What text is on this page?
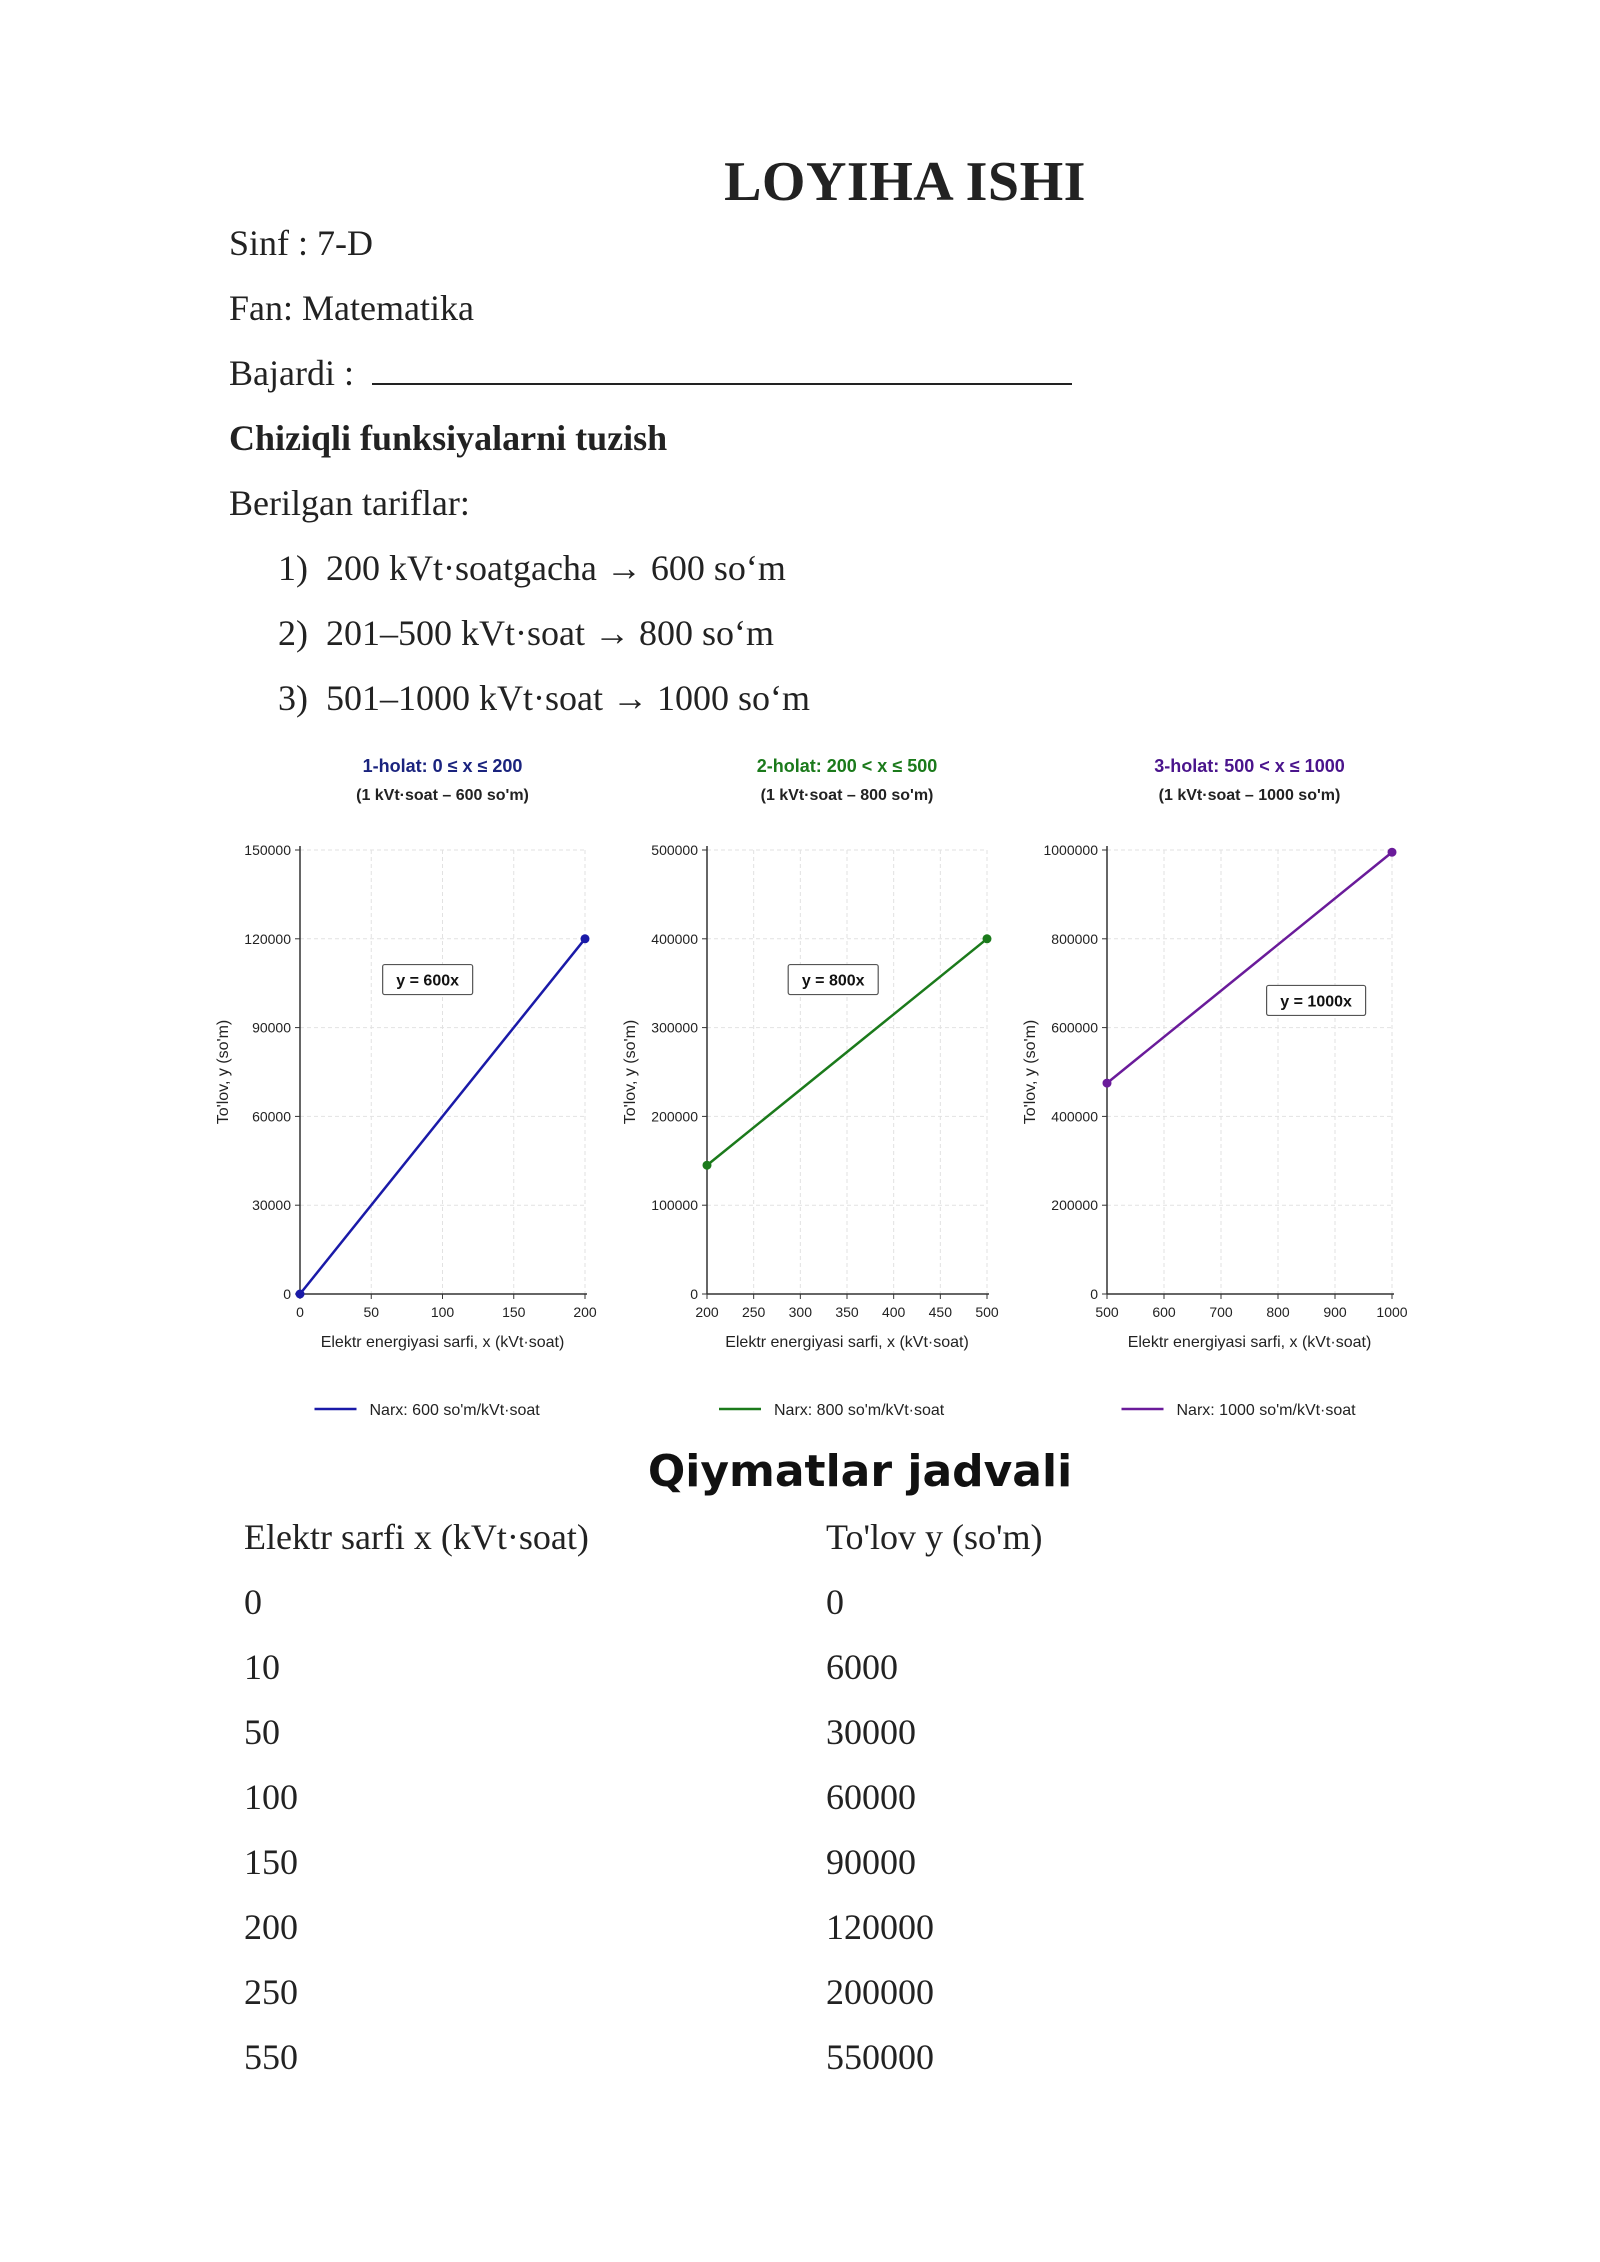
LOYIHA ISHI
Sinf : 7-D
Fan: Matematika
Bajardi :
Chiziqli funksiyalarni tuzish
Berilgan tariflar:
1) 200 kVt·soatgacha → 600 so‘m
2) 201–500 kVt·soat → 800 so‘m
3) 501–1000 kVt·soat → 1000 so‘m
1-holat: 0 ≤ x ≤ 200
(1 kVt·soat – 600 so'm)
0	50	100	150	200
0
30000
60000
90000
120000
150000
Elektr energiyasi sarfi, x (kVt·soat)
To'lov, y (so'm)
y = 600x
Narx: 600 so'm/kVt·soat
2-holat: 200 < x ≤ 500
(1 kVt·soat – 800 so'm)
200 250 300 350 400 450 500
0
100000
200000
300000
400000
500000
Elektr energiyasi sarfi, x (kVt·soat)
To'lov, y (so'm)
y = 800x
Narx: 800 so'm/kVt·soat
3-holat: 500 < x ≤ 1000
(1 kVt·soat – 1000 so'm)
500 600 700 800 900 1000
0
200000
400000
600000
800000
1000000
Elektr energiyasi sarfi, x (kVt·soat)
To'lov, y (so'm)
y = 1000x
Narx: 1000 so'm/kVt·soat
Qiymatlar jadvali
Elektr sarfi x (kVt·soat)	To'lov y (so'm)
0	0
10	6000
50	30000
100	60000
150	90000
200	120000
250	200000
550	550000
